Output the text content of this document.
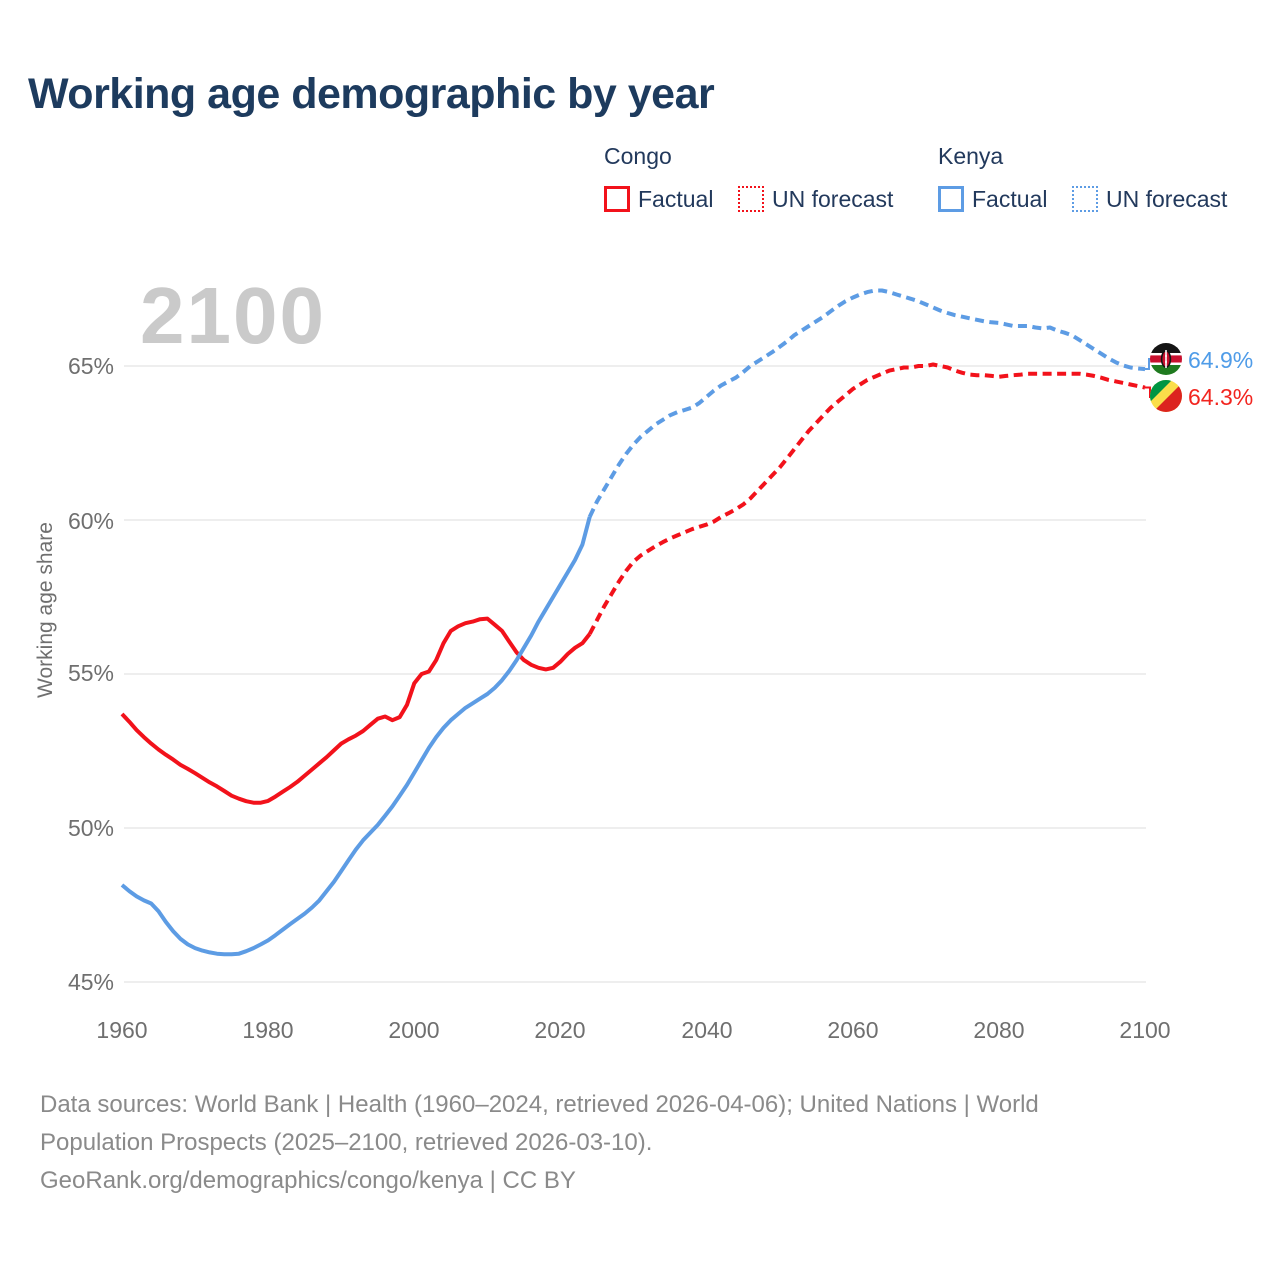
Working age demographic by year
Congo
Factual	UN forecast
Kenya
Factual	UN forecast
2100
Working age share
65%
60%
55%
50%
45%
1960	1980	2000	2020	2040	2060	2080	2100
64.9%
64.3%
Data sources: World Bank | Health (1960–2024, retrieved 2026-04-06); United Nations | World
Population Prospects (2025–2100, retrieved 2026-03-10).
GeoRank.org/demographics/congo/kenya | CC BY
